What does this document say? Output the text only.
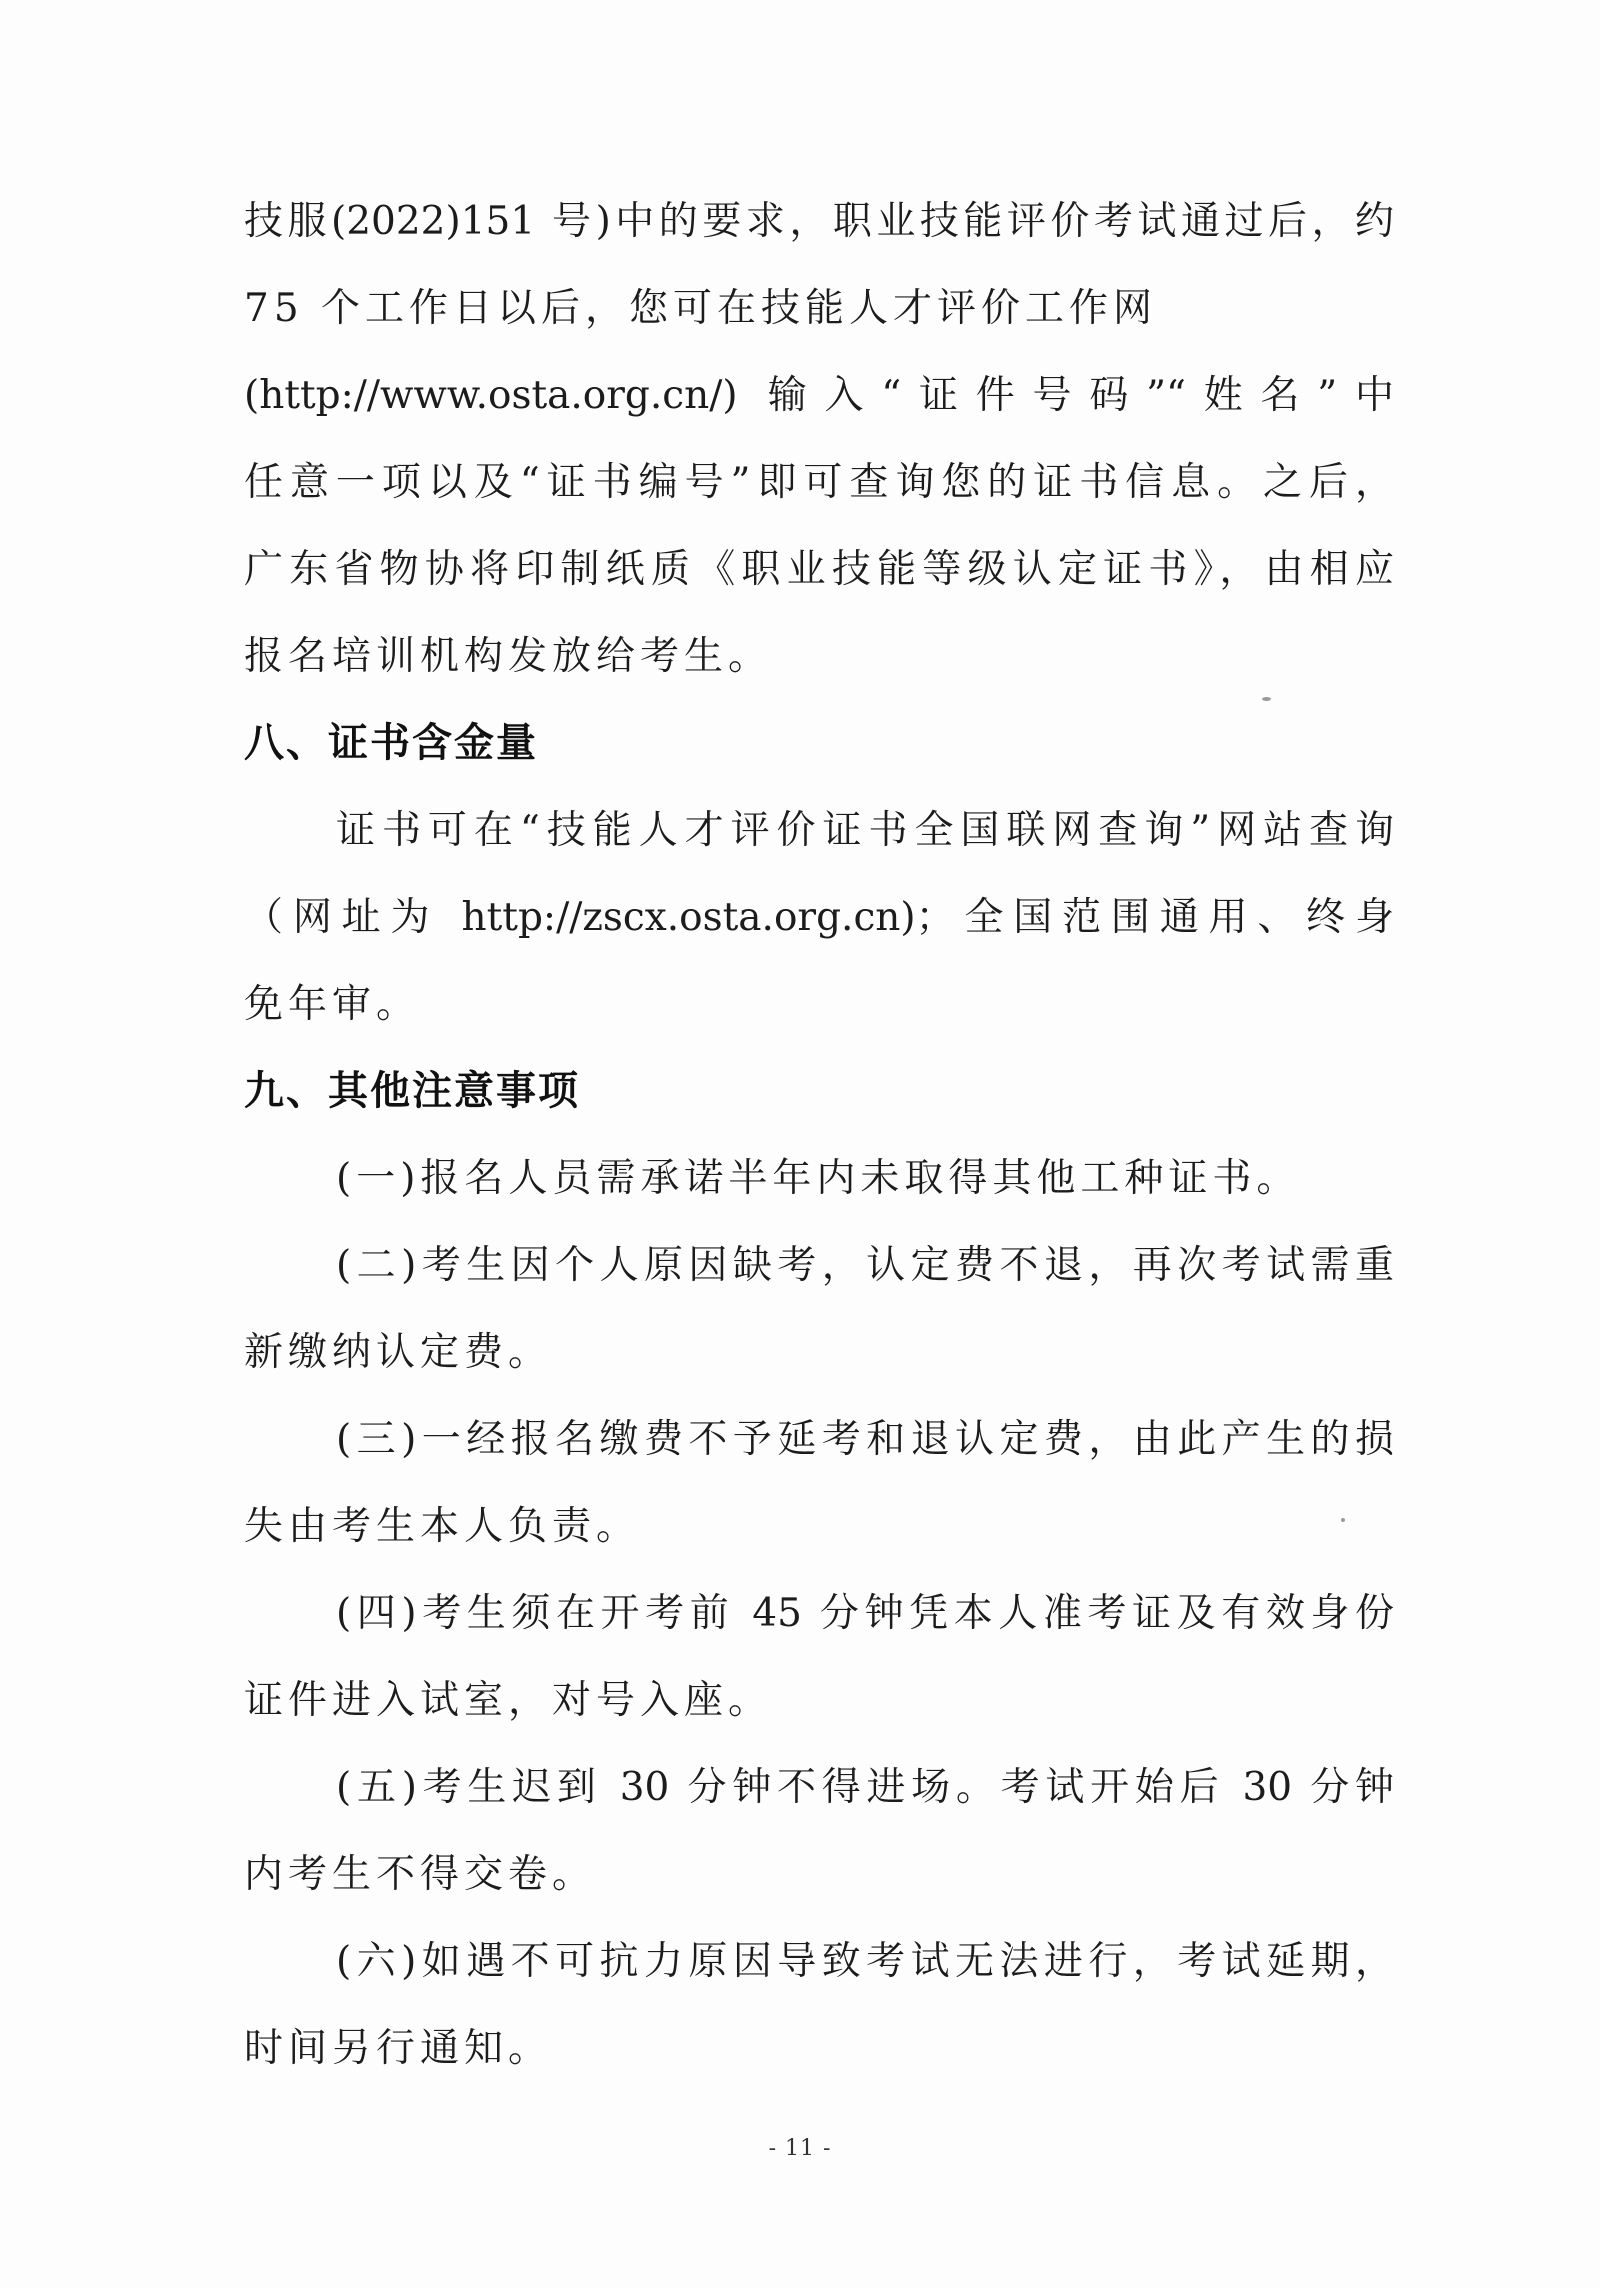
技服(2022)151 号)中的要求，职业技能评价考试通过后，约
75 个工作日以后，您可在技能人才评价工作网
(http://www.osta.org.cn/) 输入“证件号码”“姓名”中
任意一项以及“证书编号”即可查询您的证书信息。之后，
广东省物协将印制纸质《职业技能等级认定证书》，由相应
报名培训机构发放给考生。
八、证书含金量
证书可在“技能人才评价证书全国联网查询”网站查询
（网址为 http://zscx.osta.org.cn)；全国范围通用、终身
免年审。
九、其他注意事项
(一)报名人员需承诺半年内未取得其他工种证书。
(二)考生因个人原因缺考，认定费不退，再次考试需重
新缴纳认定费。
(三)一经报名缴费不予延考和退认定费，由此产生的损
失由考生本人负责。
(四)考生须在开考前 45 分钟凭本人准考证及有效身份
证件进入试室，对号入座。
(五)考生迟到 30 分钟不得进场。考试开始后 30 分钟
内考生不得交卷。
(六)如遇不可抗力原因导致考试无法进行，考试延期，
时间另行通知。
- 11 -
